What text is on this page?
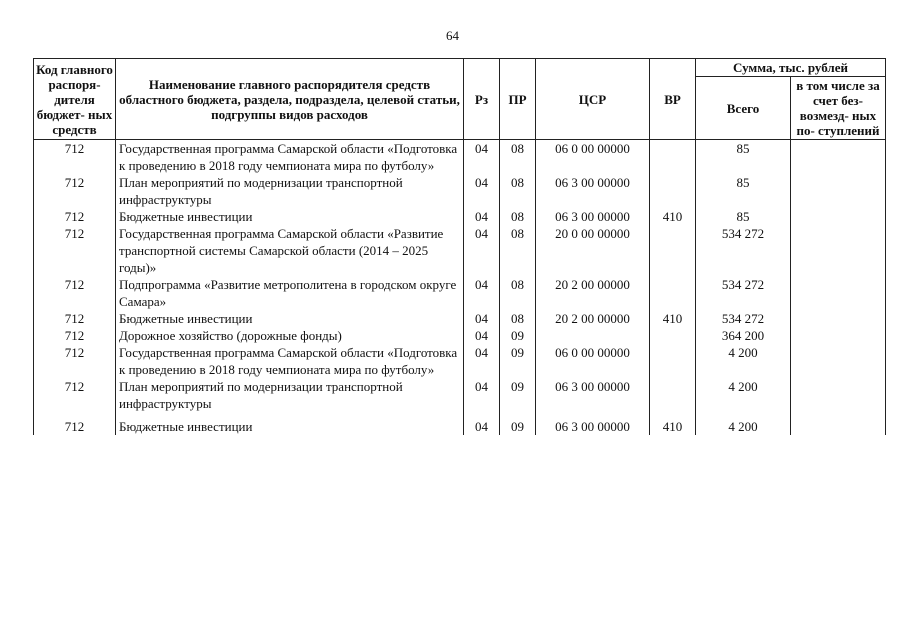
64
Код главного распоря- дителя бюджет- ных средств	Наименование главного распорядителя средств областного бюджета, раздела, подраздела, целевой статьи, подгруппы видов расходов	Рз	ПР	ЦСР	ВР	Сумма, тыс. рублей	
						Всего	в том числе за счет без- возмезд- ных по- ступлений
712	Государственная программа Самарской области «Подготовка к проведению в 2018 году чемпионата мира по футболу»	04	08	06 0 00 00000		85	
712	План мероприятий по модернизации транспортной инфраструктуры	04	08	06 3 00 00000		85	
712	Бюджетные инвестиции	04	08	06 3 00 00000	410	85	
712	Государственная программа Самарской области «Развитие транспортной системы Самарской области (2014 – 2025 годы)»	04	08	20 0 00 00000		534 272	
712	Подпрограмма «Развитие метрополитена в городском округе Самара»	04	08	20 2 00 00000		534 272	
712	Бюджетные инвестиции	04	08	20 2 00 00000	410	534 272	
712	Дорожное хозяйство (дорожные фонды)	04	09			364 200	
712	Государственная программа Самарской области «Подготовка к проведению в 2018 году чемпионата мира по футболу»	04	09	06 0 00 00000		4 200	
712	План мероприятий по модернизации транспортной инфраструктуры	04	09	06 3 00 00000		4 200	
712	Бюджетные инвестиции	04	09	06 3 00 00000	410	4 200	
